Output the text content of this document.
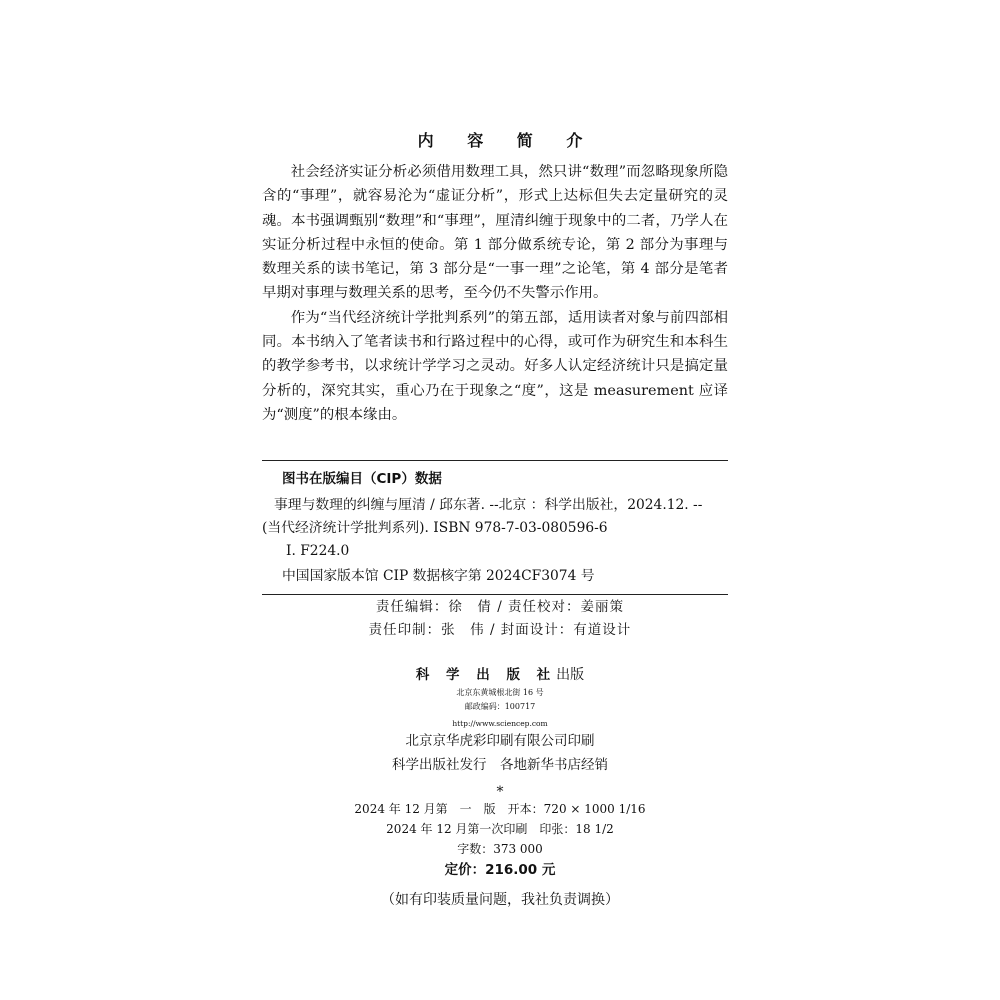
内 容 简 介

社会经济实证分析必须借用数理工具，然只讲“数理”而忽略现象所隐含的“事理”，就容易沦为“虚证分析”，形式上达标但失去定量研究的灵魂。本书强调甄别“数理”和“事理”，厘清纠缠于现象中的二者，乃学人在实证分析过程中永恒的使命。第 1 部分做系统专论，第 2 部分为事理与数理关系的读书笔记，第 3 部分是“一事一理”之论笔，第 4 部分是笔者早期对事理与数理关系的思考，至今仍不失警示作用。

作为“当代经济统计学批判系列”的第五部，适用读者对象与前四部相同。本书纳入了笔者读书和行路过程中的心得，或可作为研究生和本科生的教学参考书，以求统计学学习之灵动。好多人认定经济统计只是搞定量分析的，深究其实，重心乃在于现象之“度”，这是 measurement 应译为“测度”的根本缘由。

图书在版编目（CIP）数据
事理与数理的纠缠与厘清 / 邱东著. --北京 ：科学出版社，2024.12. --
(当代经济统计学批判系列). ISBN 978-7-03-080596-6
Ⅰ. F224.0
中国国家版本馆 CIP 数据核字第 2024CF3074 号
责任编辑：徐　倩 / 责任校对：姜丽策
责任印制：张　伟 / 封面设计：有道设计
科 学 出 版 社出版
北京东黄城根北街 16 号
邮政编码：100717
http://www.sciencep.com
北京京华虎彩印刷有限公司印刷
科学出版社发行　各地新华书店经销
*
2024 年 12 月第　一　版　开本：720 × 1000 1/16
2024 年 12 月第一次印刷　印张：18 1/2
字数：373 000
定价：216.00 元
（如有印装质量问题，我社负责调换）
